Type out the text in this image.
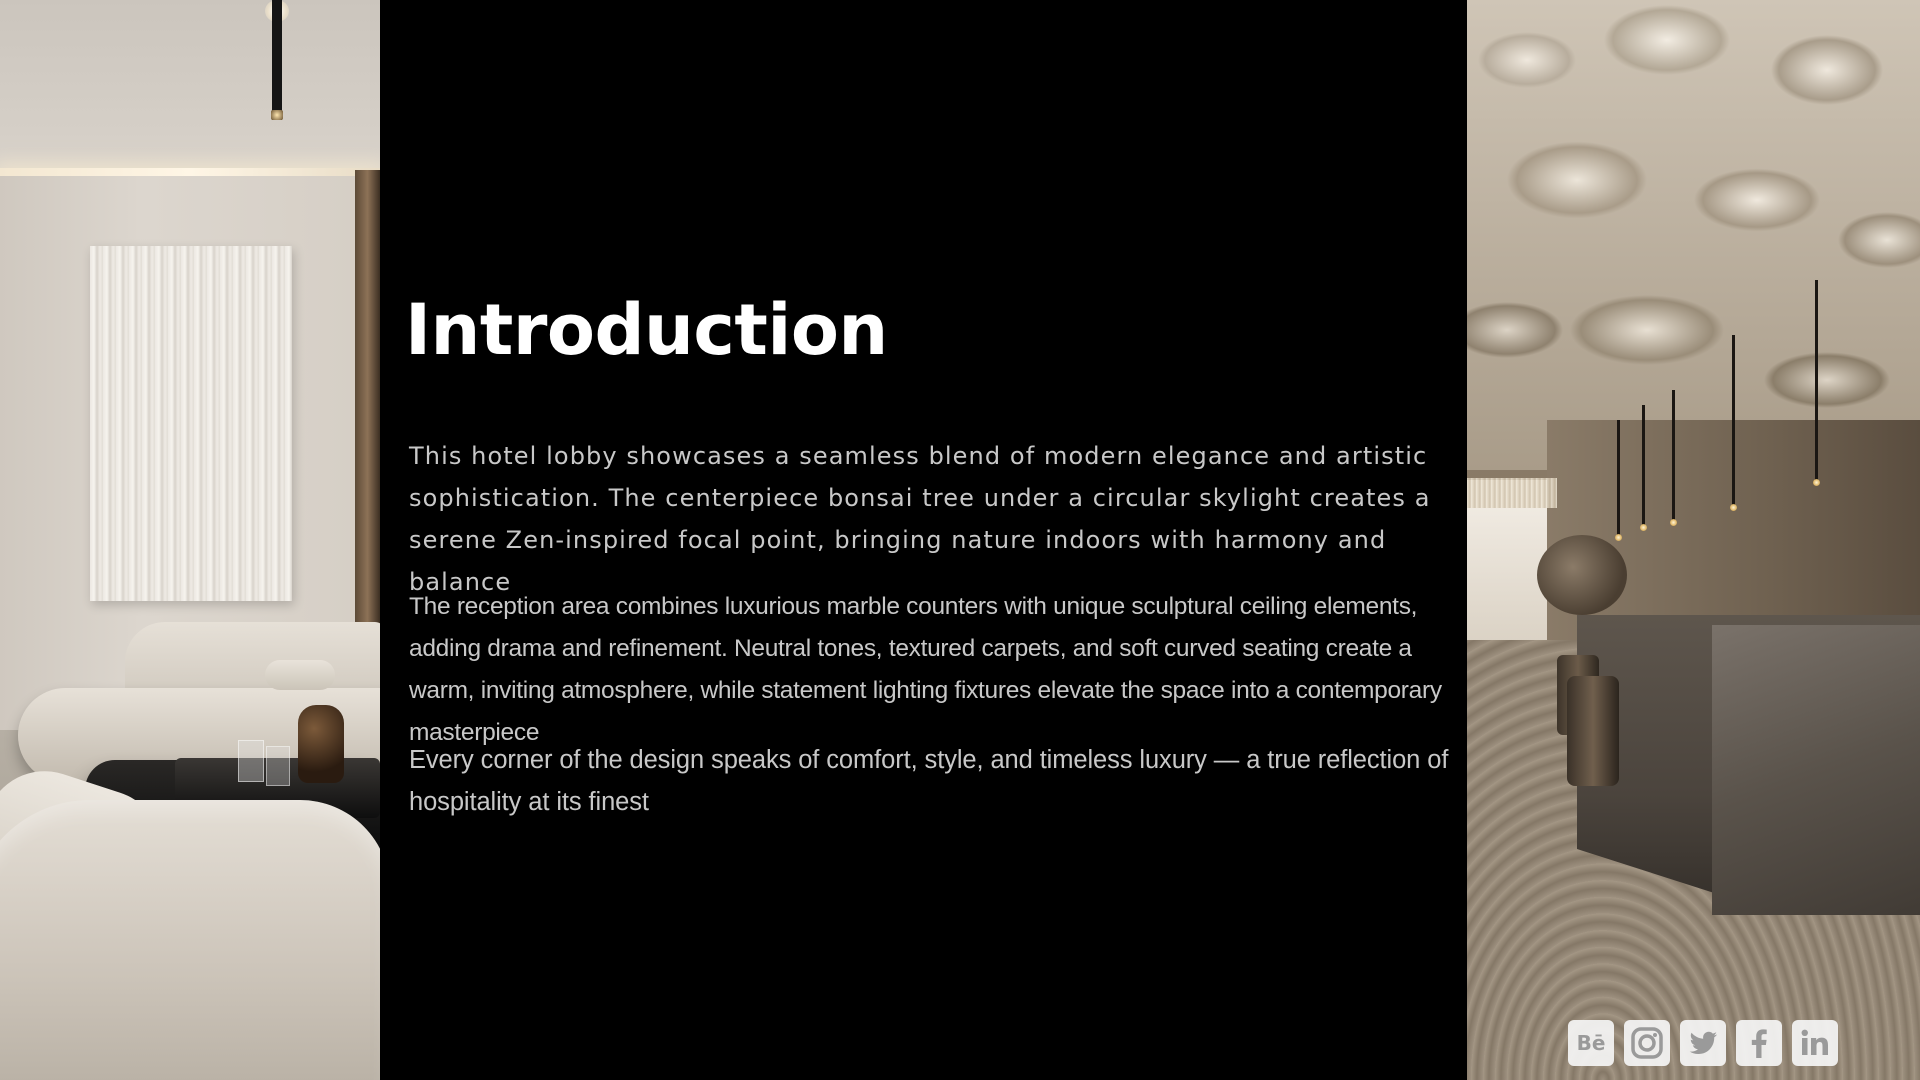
Introduction

This hotel lobby showcases a seamless blend of modern elegance and artistic sophistication. The centerpiece bonsai tree under a circular skylight creates a serene Zen-inspired focal point, bringing nature indoors with harmony and balance

The reception area combines luxurious marble counters with unique sculptural ceiling elements, adding drama and refinement. Neutral tones, textured carpets, and soft curved seating create a warm, inviting atmosphere, while statement lighting fixtures elevate the space into a contemporary masterpiece

Every corner of the design speaks of comfort, style, and timeless luxury — a true reflection of hospitality at its finest

Bē
